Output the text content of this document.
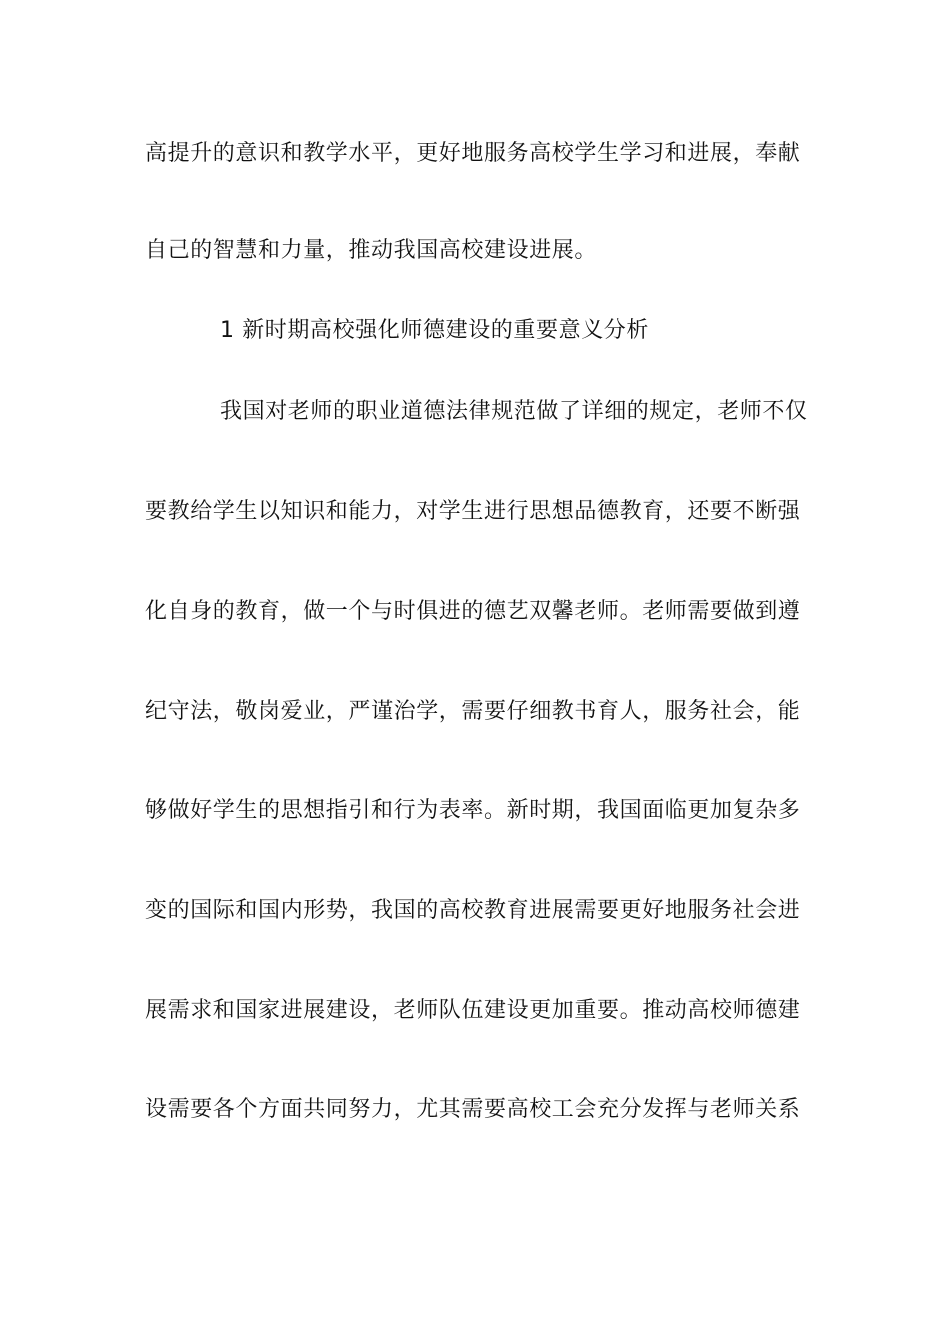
高提升的意识和教学水平，更好地服务高校学生学习和进展，奉献
自己的智慧和力量，推动我国高校建设进展。
1 新时期高校强化师德建设的重要意义分析
我国对老师的职业道德法律规范做了详细的规定，老师不仅
要教给学生以知识和能力，对学生进行思想品德教育，还要不断强
化自身的教育，做一个与时俱进的德艺双馨老师。老师需要做到遵
纪守法，敬岗爱业，严谨治学，需要仔细教书育人，服务社会，能
够做好学生的思想指引和行为表率。新时期，我国面临更加复杂多
变的国际和国内形势，我国的高校教育进展需要更好地服务社会进
展需求和国家进展建设，老师队伍建设更加重要。推动高校师德建
设需要各个方面共同努力，尤其需要高校工会充分发挥与老师关系
